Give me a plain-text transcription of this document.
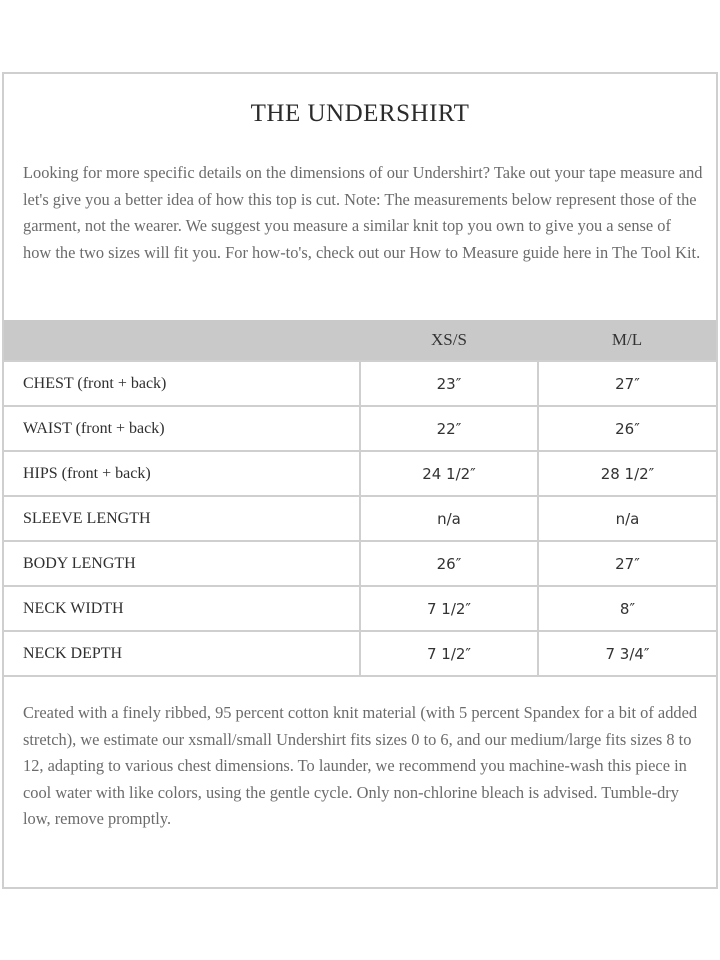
THE UNDERSHIRT
Looking for more specific details on the dimensions of our Undershirt? Take out your tape measure and let's give you a better idea of how this top is cut. Note: The measurements below represent those of the garment, not the wearer. We suggest you measure a similar knit top you own to give you a sense of how the two sizes will fit you. For how-to's, check out our How to Measure guide here in The Tool Kit.
	XS/S	M/L
CHEST (front + back)	23″	27″
WAIST (front + back)	22″	26″
HIPS (front + back)	24 1/2″	28 1/2″
SLEEVE LENGTH	n/a	n/a
BODY LENGTH	26″	27″
NECK WIDTH	7 1/2″	8″
NECK DEPTH	7 1/2″	7 3/4″
Created with a finely ribbed, 95 percent cotton knit material (with 5 percent Spandex for a bit of added stretch), we estimate our xsmall/small Undershirt fits sizes 0 to 6, and our medium/large fits sizes 8 to 12, adapting to various chest dimensions. To launder, we recommend you machine-wash this piece in cool water with like colors, using the gentle cycle. Only non-chlorine bleach is advised. Tumble-dry low, remove promptly.
